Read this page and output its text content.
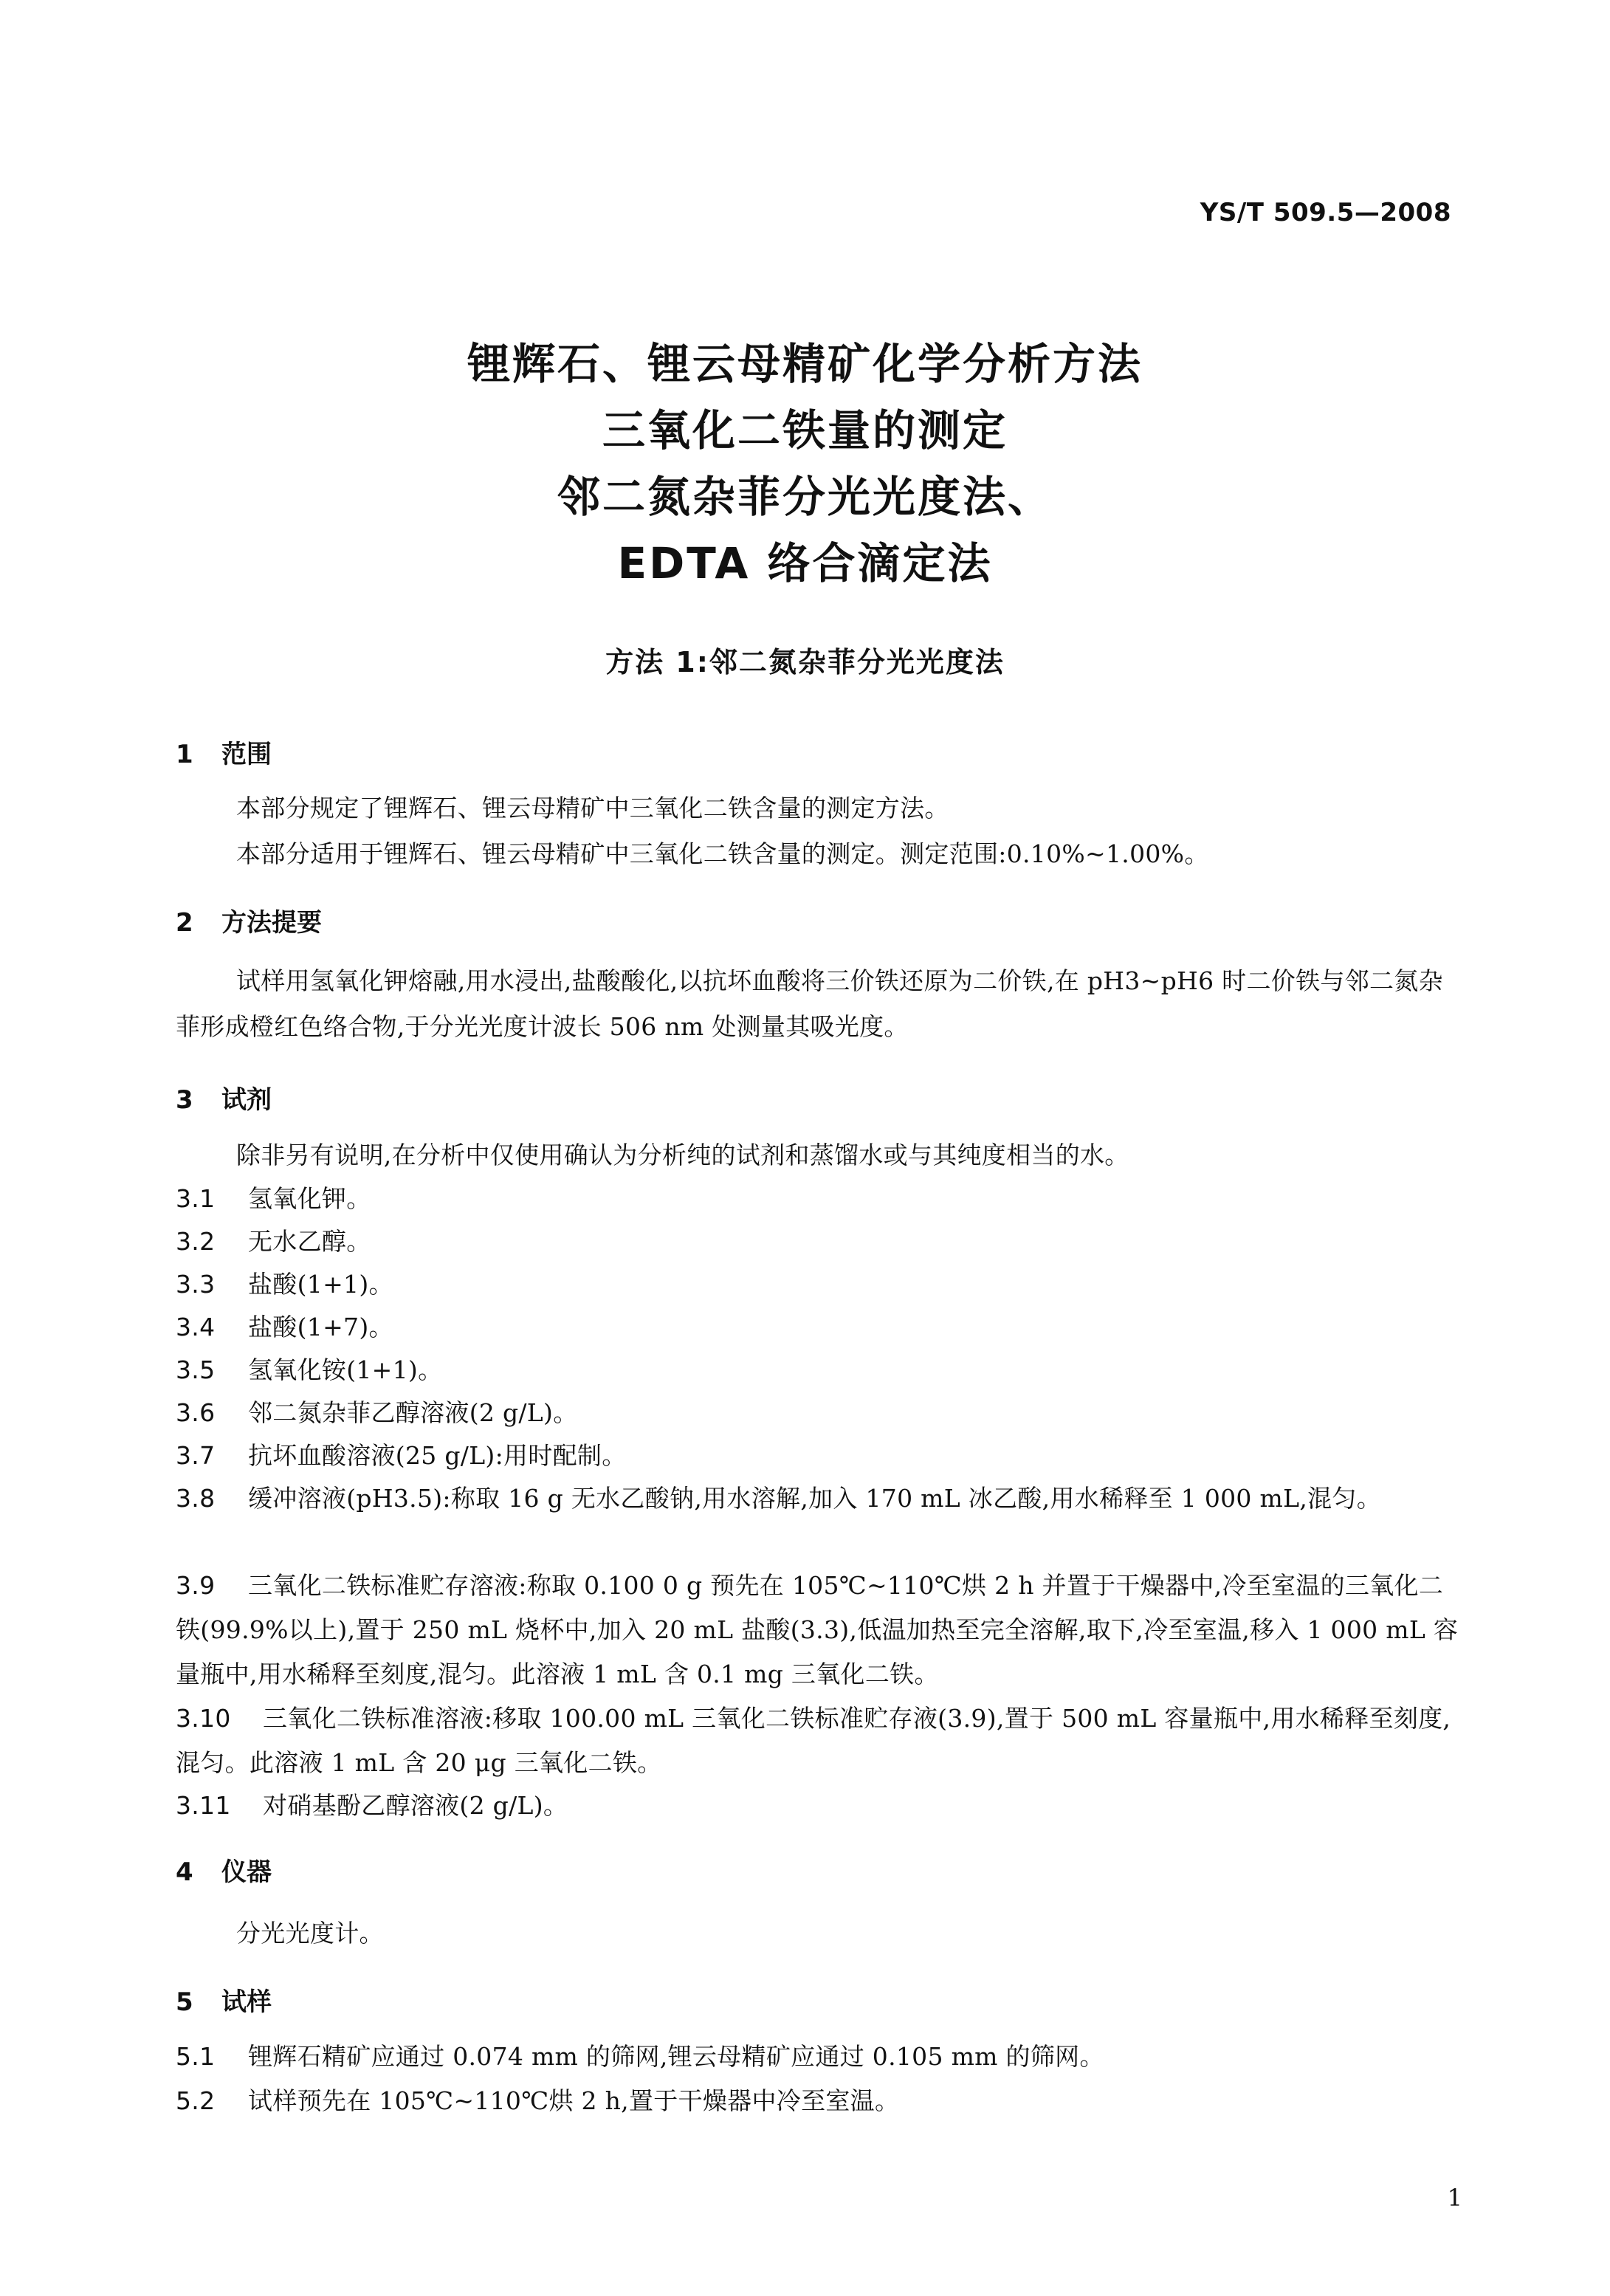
YS/T 509.5—2008
锂辉石、锂云母精矿化学分析方法
三氧化二铁量的测定
邻二氮杂菲分光光度法、
EDTA 络合滴定法
方法 1:邻二氮杂菲分光光度法
1 范围
本部分规定了锂辉石、锂云母精矿中三氧化二铁含量的测定方法。
本部分适用于锂辉石、锂云母精矿中三氧化二铁含量的测定。测定范围:0.10%~1.00%。
2 方法提要
试样用氢氧化钾熔融,用水浸出,盐酸酸化,以抗坏血酸将三价铁还原为二价铁,在 pH3~pH6 时二价铁与邻二氮杂菲形成橙红色络合物,于分光光度计波长 506 nm 处测量其吸光度。
3 试剂
除非另有说明,在分析中仅使用确认为分析纯的试剂和蒸馏水或与其纯度相当的水。
3.1 氢氧化钾。
3.2 无水乙醇。
3.3 盐酸(1+1)。
3.4 盐酸(1+7)。
3.5 氢氧化铵(1+1)。
3.6 邻二氮杂菲乙醇溶液(2 g/L)。
3.7 抗坏血酸溶液(25 g/L):用时配制。
3.8 缓冲溶液(pH3.5):称取 16 g 无水乙酸钠,用水溶解,加入 170 mL 冰乙酸,用水稀释至 1 000 mL,混匀。
3.9 三氧化二铁标准贮存溶液:称取 0.100 0 g 预先在 105℃~110℃烘 2 h 并置于干燥器中,冷至室温的三氧化二铁(99.9%以上),置于 250 mL 烧杯中,加入 20 mL 盐酸(3.3),低温加热至完全溶解,取下,冷至室温,移入 1 000 mL 容量瓶中,用水稀释至刻度,混匀。此溶液 1 mL 含 0.1 mg 三氧化二铁。
3.10 三氧化二铁标准溶液:移取 100.00 mL 三氧化二铁标准贮存液(3.9),置于 500 mL 容量瓶中,用水稀释至刻度,混匀。此溶液 1 mL 含 20 μg 三氧化二铁。
3.11 对硝基酚乙醇溶液(2 g/L)。
4 仪器
分光光度计。
5 试样
5.1 锂辉石精矿应通过 0.074 mm 的筛网,锂云母精矿应通过 0.105 mm 的筛网。
5.2 试样预先在 105℃~110℃烘 2 h,置于干燥器中冷至室温。
1
